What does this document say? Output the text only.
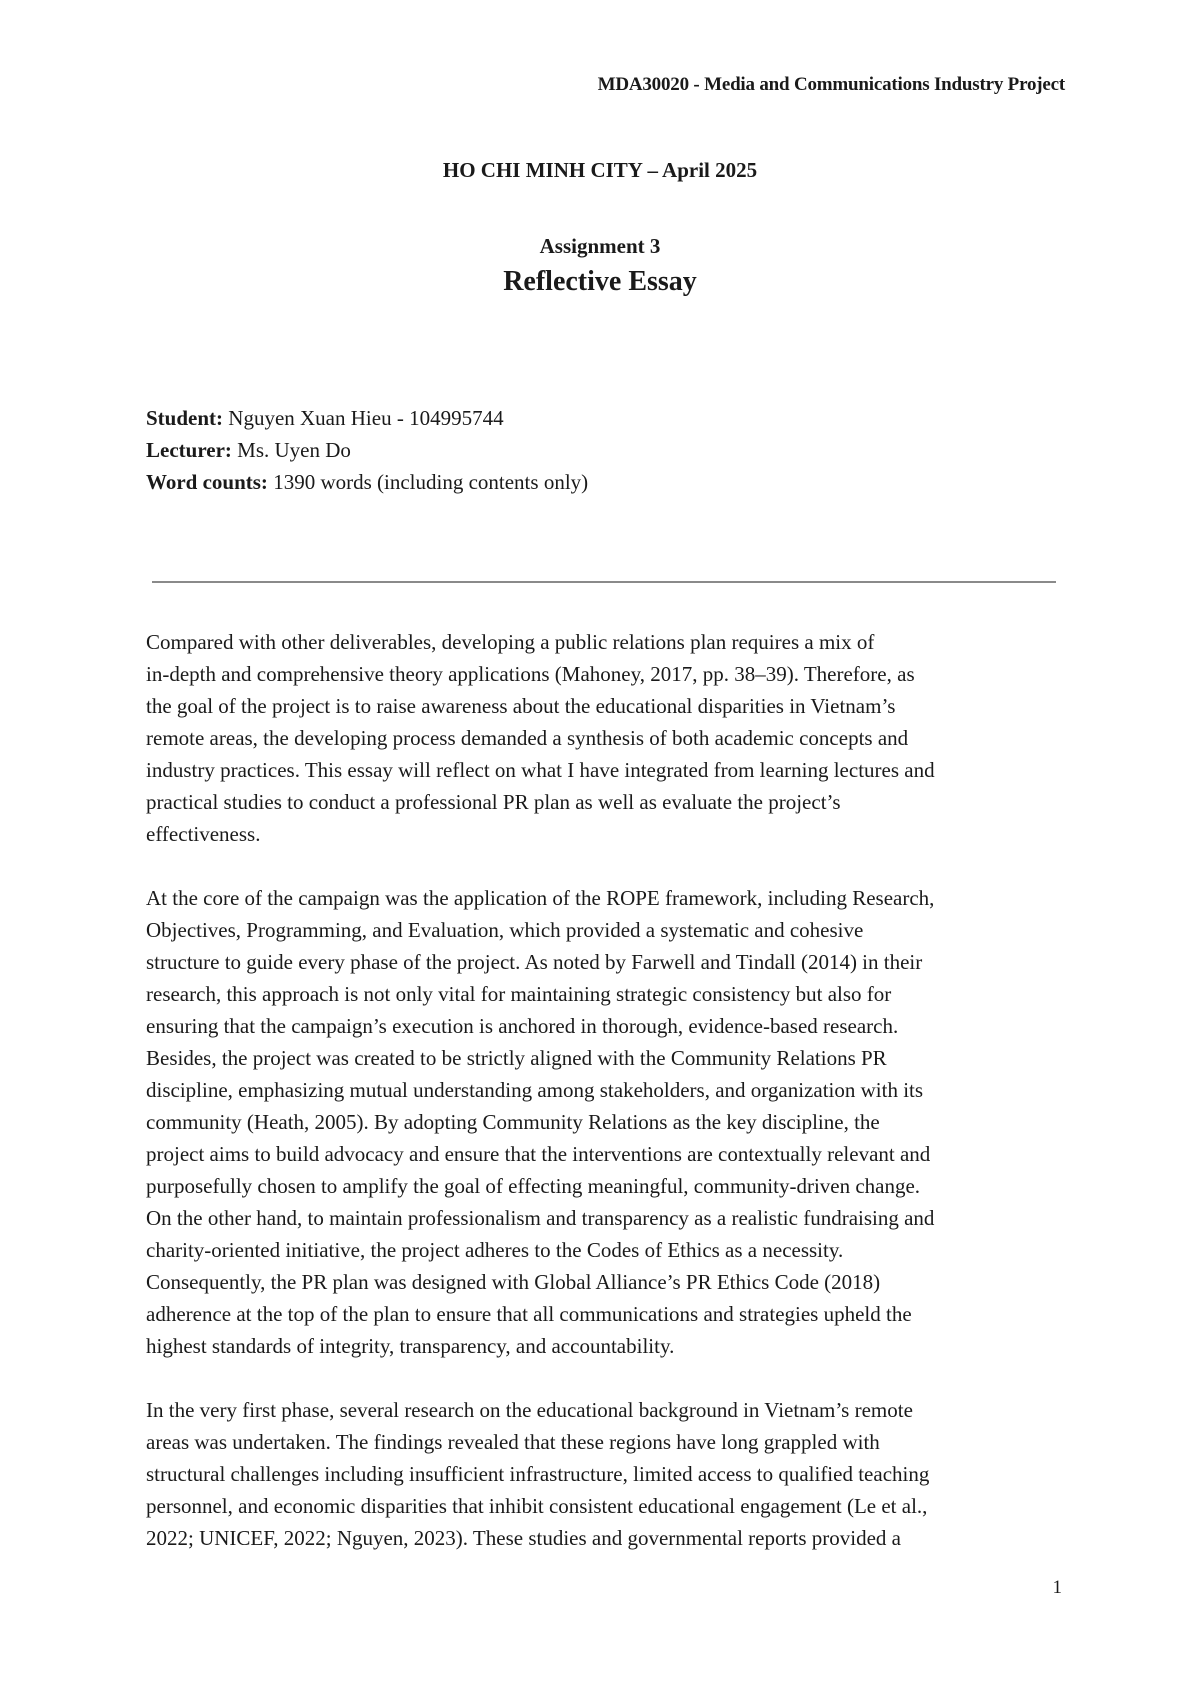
MDA30020 - Media and Communications Industry Project
HO CHI MINH CITY – April 2025
Assignment 3
Reflective Essay
Student: Nguyen Xuan Hieu - 104995744
Lecturer: Ms. Uyen Do
Word counts: 1390 words (including contents only)
Compared with other deliverables, developing a public relations plan requires a mix of
in-depth and comprehensive theory applications (Mahoney, 2017, pp. 38–39). Therefore, as
the goal of the project is to raise awareness about the educational disparities in Vietnam’s
remote areas, the developing process demanded a synthesis of both academic concepts and
industry practices. This essay will reflect on what I have integrated from learning lectures and
practical studies to conduct a professional PR plan as well as evaluate the project’s
effectiveness.
At the core of the campaign was the application of the ROPE framework, including Research,
Objectives, Programming, and Evaluation, which provided a systematic and cohesive
structure to guide every phase of the project. As noted by Farwell and Tindall (2014) in their
research, this approach is not only vital for maintaining strategic consistency but also for
ensuring that the campaign’s execution is anchored in thorough, evidence-based research.
Besides, the project was created to be strictly aligned with the Community Relations PR
discipline, emphasizing mutual understanding among stakeholders, and organization with its
community (Heath, 2005). By adopting Community Relations as the key discipline, the
project aims to build advocacy and ensure that the interventions are contextually relevant and
purposefully chosen to amplify the goal of effecting meaningful, community-driven change.
On the other hand, to maintain professionalism and transparency as a realistic fundraising and
charity-oriented initiative, the project adheres to the Codes of Ethics as a necessity.
Consequently, the PR plan was designed with Global Alliance’s PR Ethics Code (2018)
adherence at the top of the plan to ensure that all communications and strategies upheld the
highest standards of integrity, transparency, and accountability.
In the very first phase, several research on the educational background in Vietnam’s remote
areas was undertaken. The findings revealed that these regions have long grappled with
structural challenges including insufficient infrastructure, limited access to qualified teaching
personnel, and economic disparities that inhibit consistent educational engagement (Le et al.,
2022; UNICEF, 2022; Nguyen, 2023). These studies and governmental reports provided a
1
